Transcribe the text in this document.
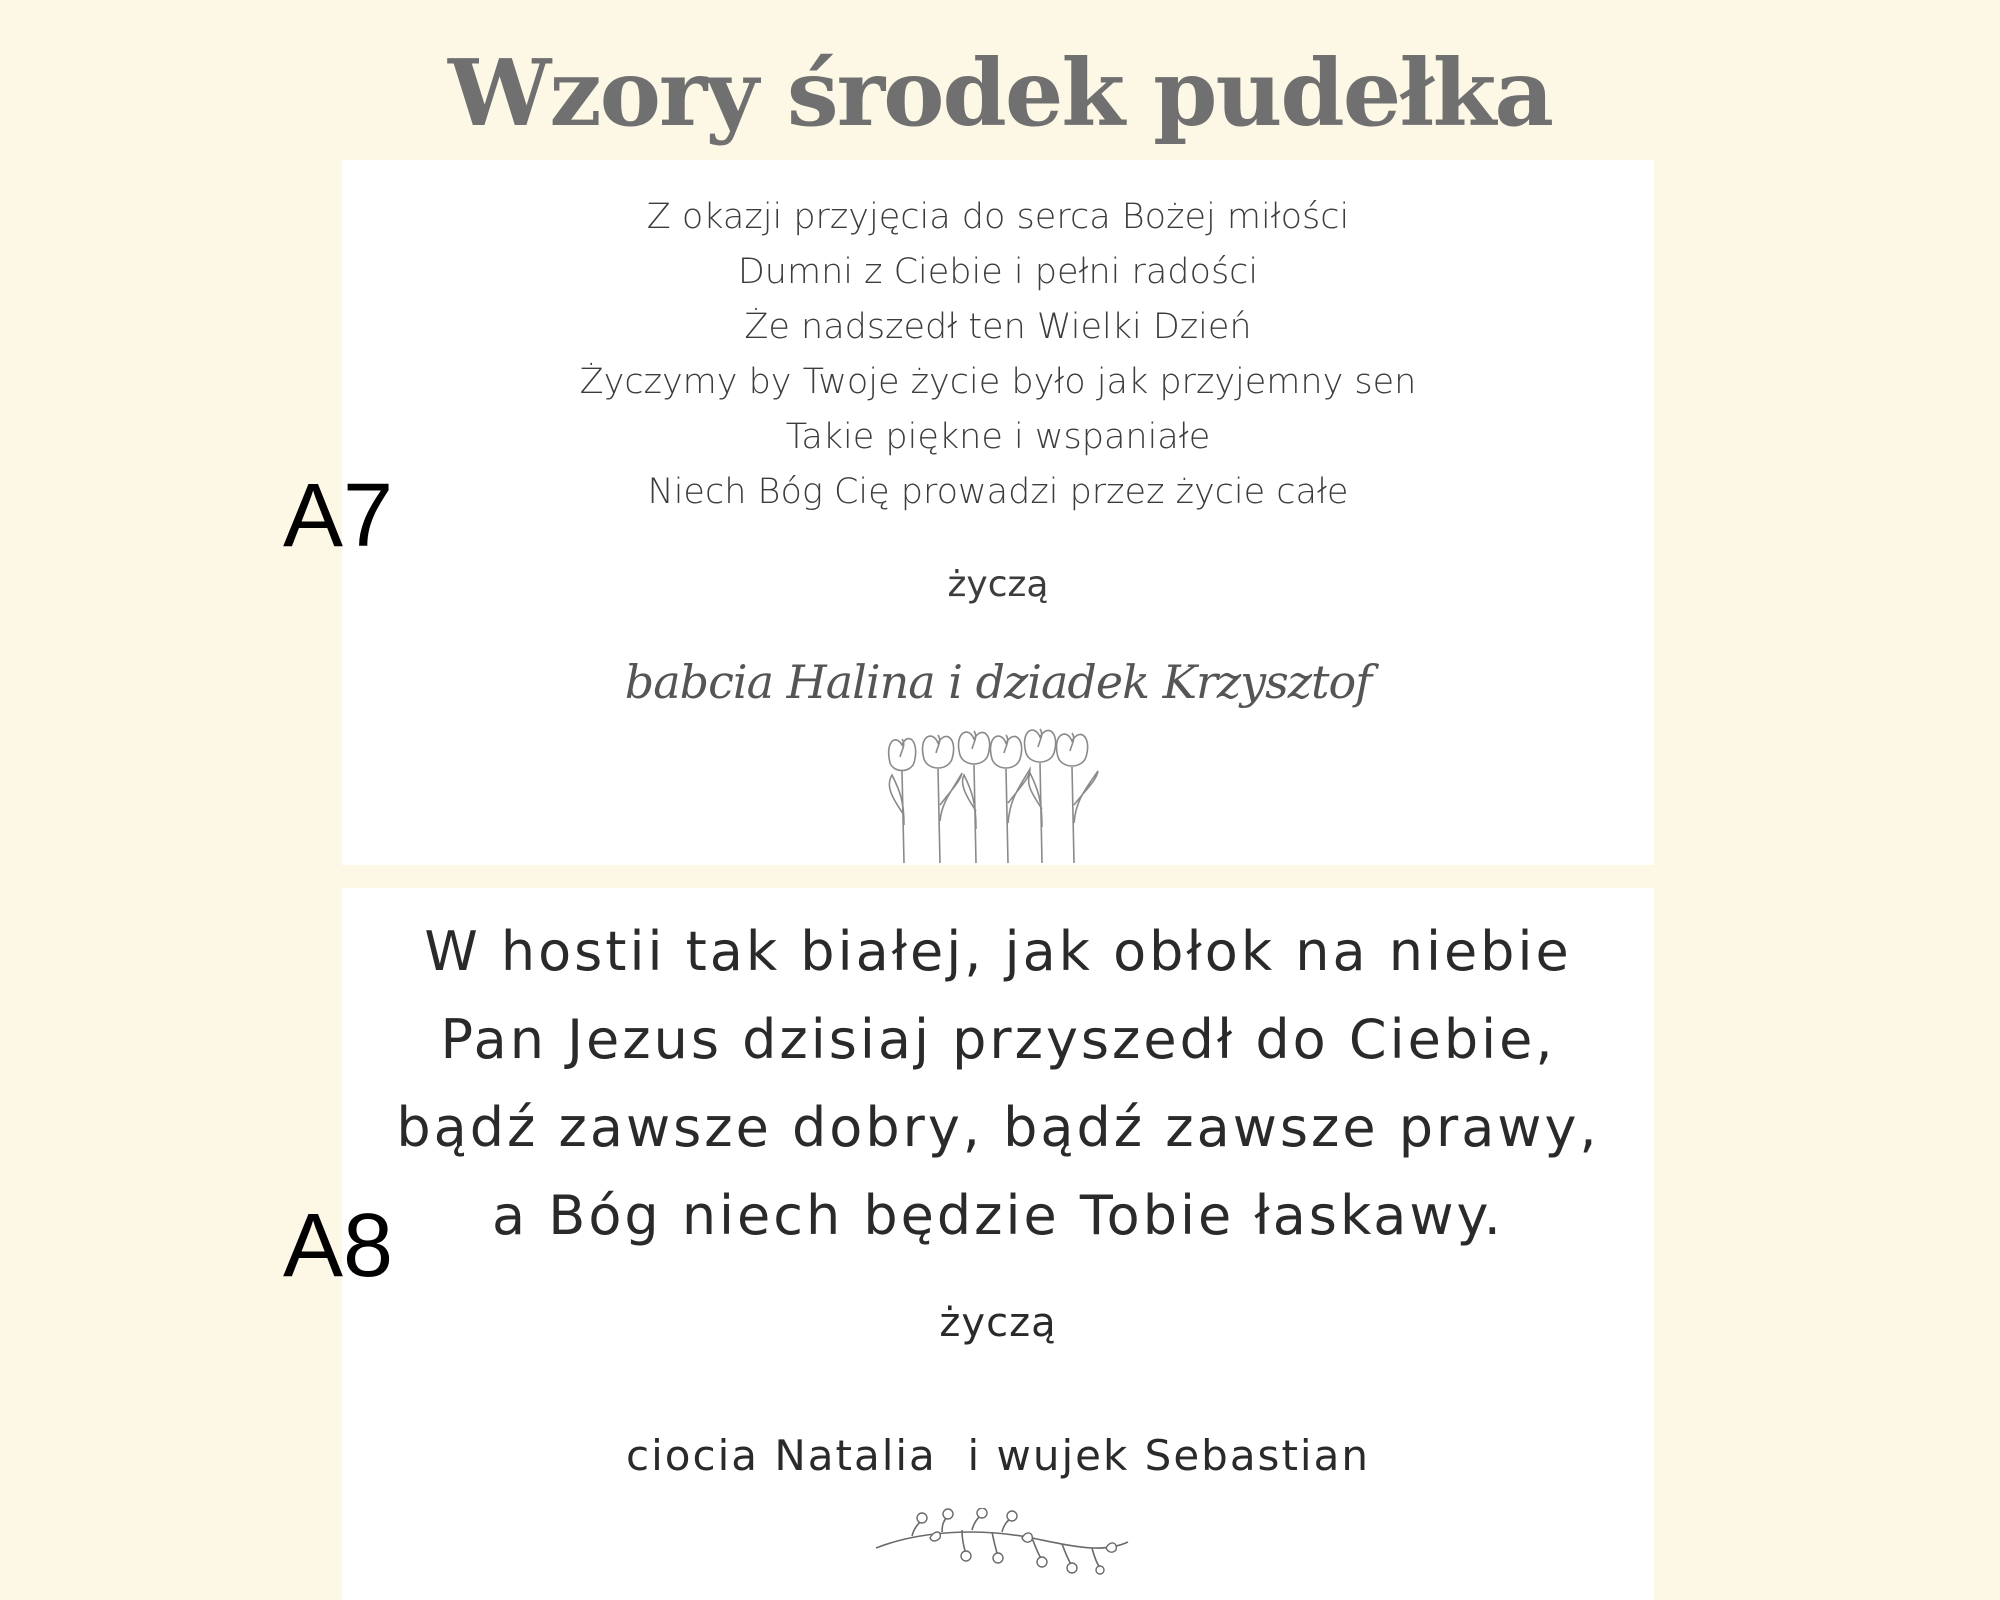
Wzory środek pudełka
Z okazji przyjęcia do serca Bożej miłości
Dumni z Ciebie i pełni radości
Że nadszedł ten Wielki Dzień
Życzymy by Twoje życie było jak przyjemny sen
Takie piękne i wspaniałe
Niech Bóg Cię prowadzi przez życie całe
życzą
babcia Halina i dziadek Krzysztof
A7
W hostii tak białej, jak obłok na niebie
Pan Jezus dzisiaj przyszedł do Ciebie,
bądź zawsze dobry, bądź zawsze prawy,
a Bóg niech będzie Tobie łaskawy.
życzą
ciocia Natalia  i wujek Sebastian
A8
